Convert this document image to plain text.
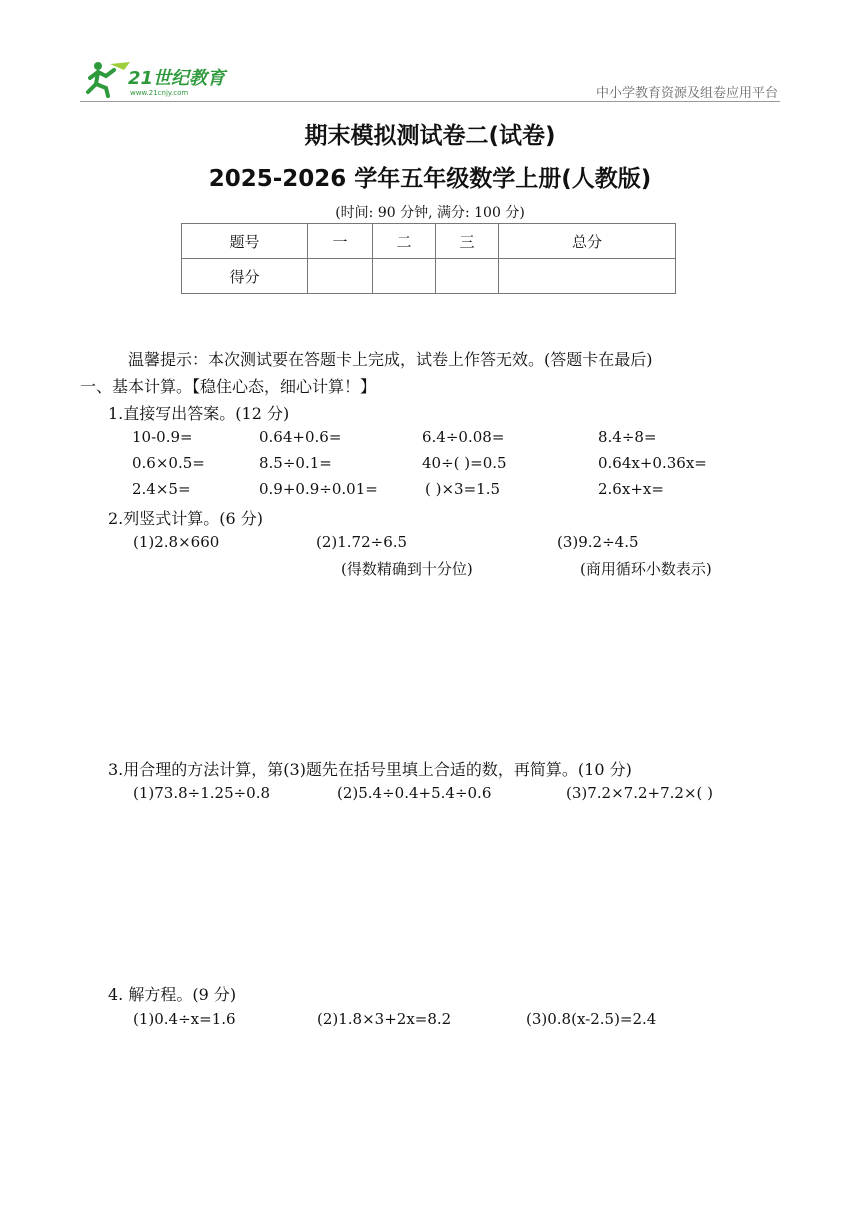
21世纪教育
www.21cnjy.com	中小学教育资源及组卷应用平台
期末模拟测试卷二(试卷)
2025-2026 学年五年级数学上册(人教版)
(时间: 90 分钟, 满分: 100 分)
题号	一	二	三	总分
得分				
温馨提示：本次测试要在答题卡上完成，试卷上作答无效。(答题卡在最后)
一、基本计算。【稳住心态，细心计算！】
1.直接写出答案。(12 分)
10-0.9=	0.64+0.6=	6.4÷0.08=	8.4÷8=
0.6×0.5=	8.5÷0.1=	40÷( )=0.5	0.64x+0.36x=
2.4×5=	0.9+0.9÷0.01=	( )×3=1.5	2.6x+x=
2.列竖式计算。(6 分)
(1)2.8×660	(2)1.72÷6.5	(3)9.2÷4.5
(得数精确到十分位)	(商用循环小数表示)
3.用合理的方法计算，第(3)题先在括号里填上合适的数，再简算。(10 分)
(1)73.8÷1.25÷0.8	(2)5.4÷0.4+5.4÷0.6	(3)7.2×7.2+7.2×( )
4. 解方程。(9 分)
(1)0.4÷x=1.6	(2)1.8×3+2x=8.2	(3)0.8(x-2.5)=2.4
